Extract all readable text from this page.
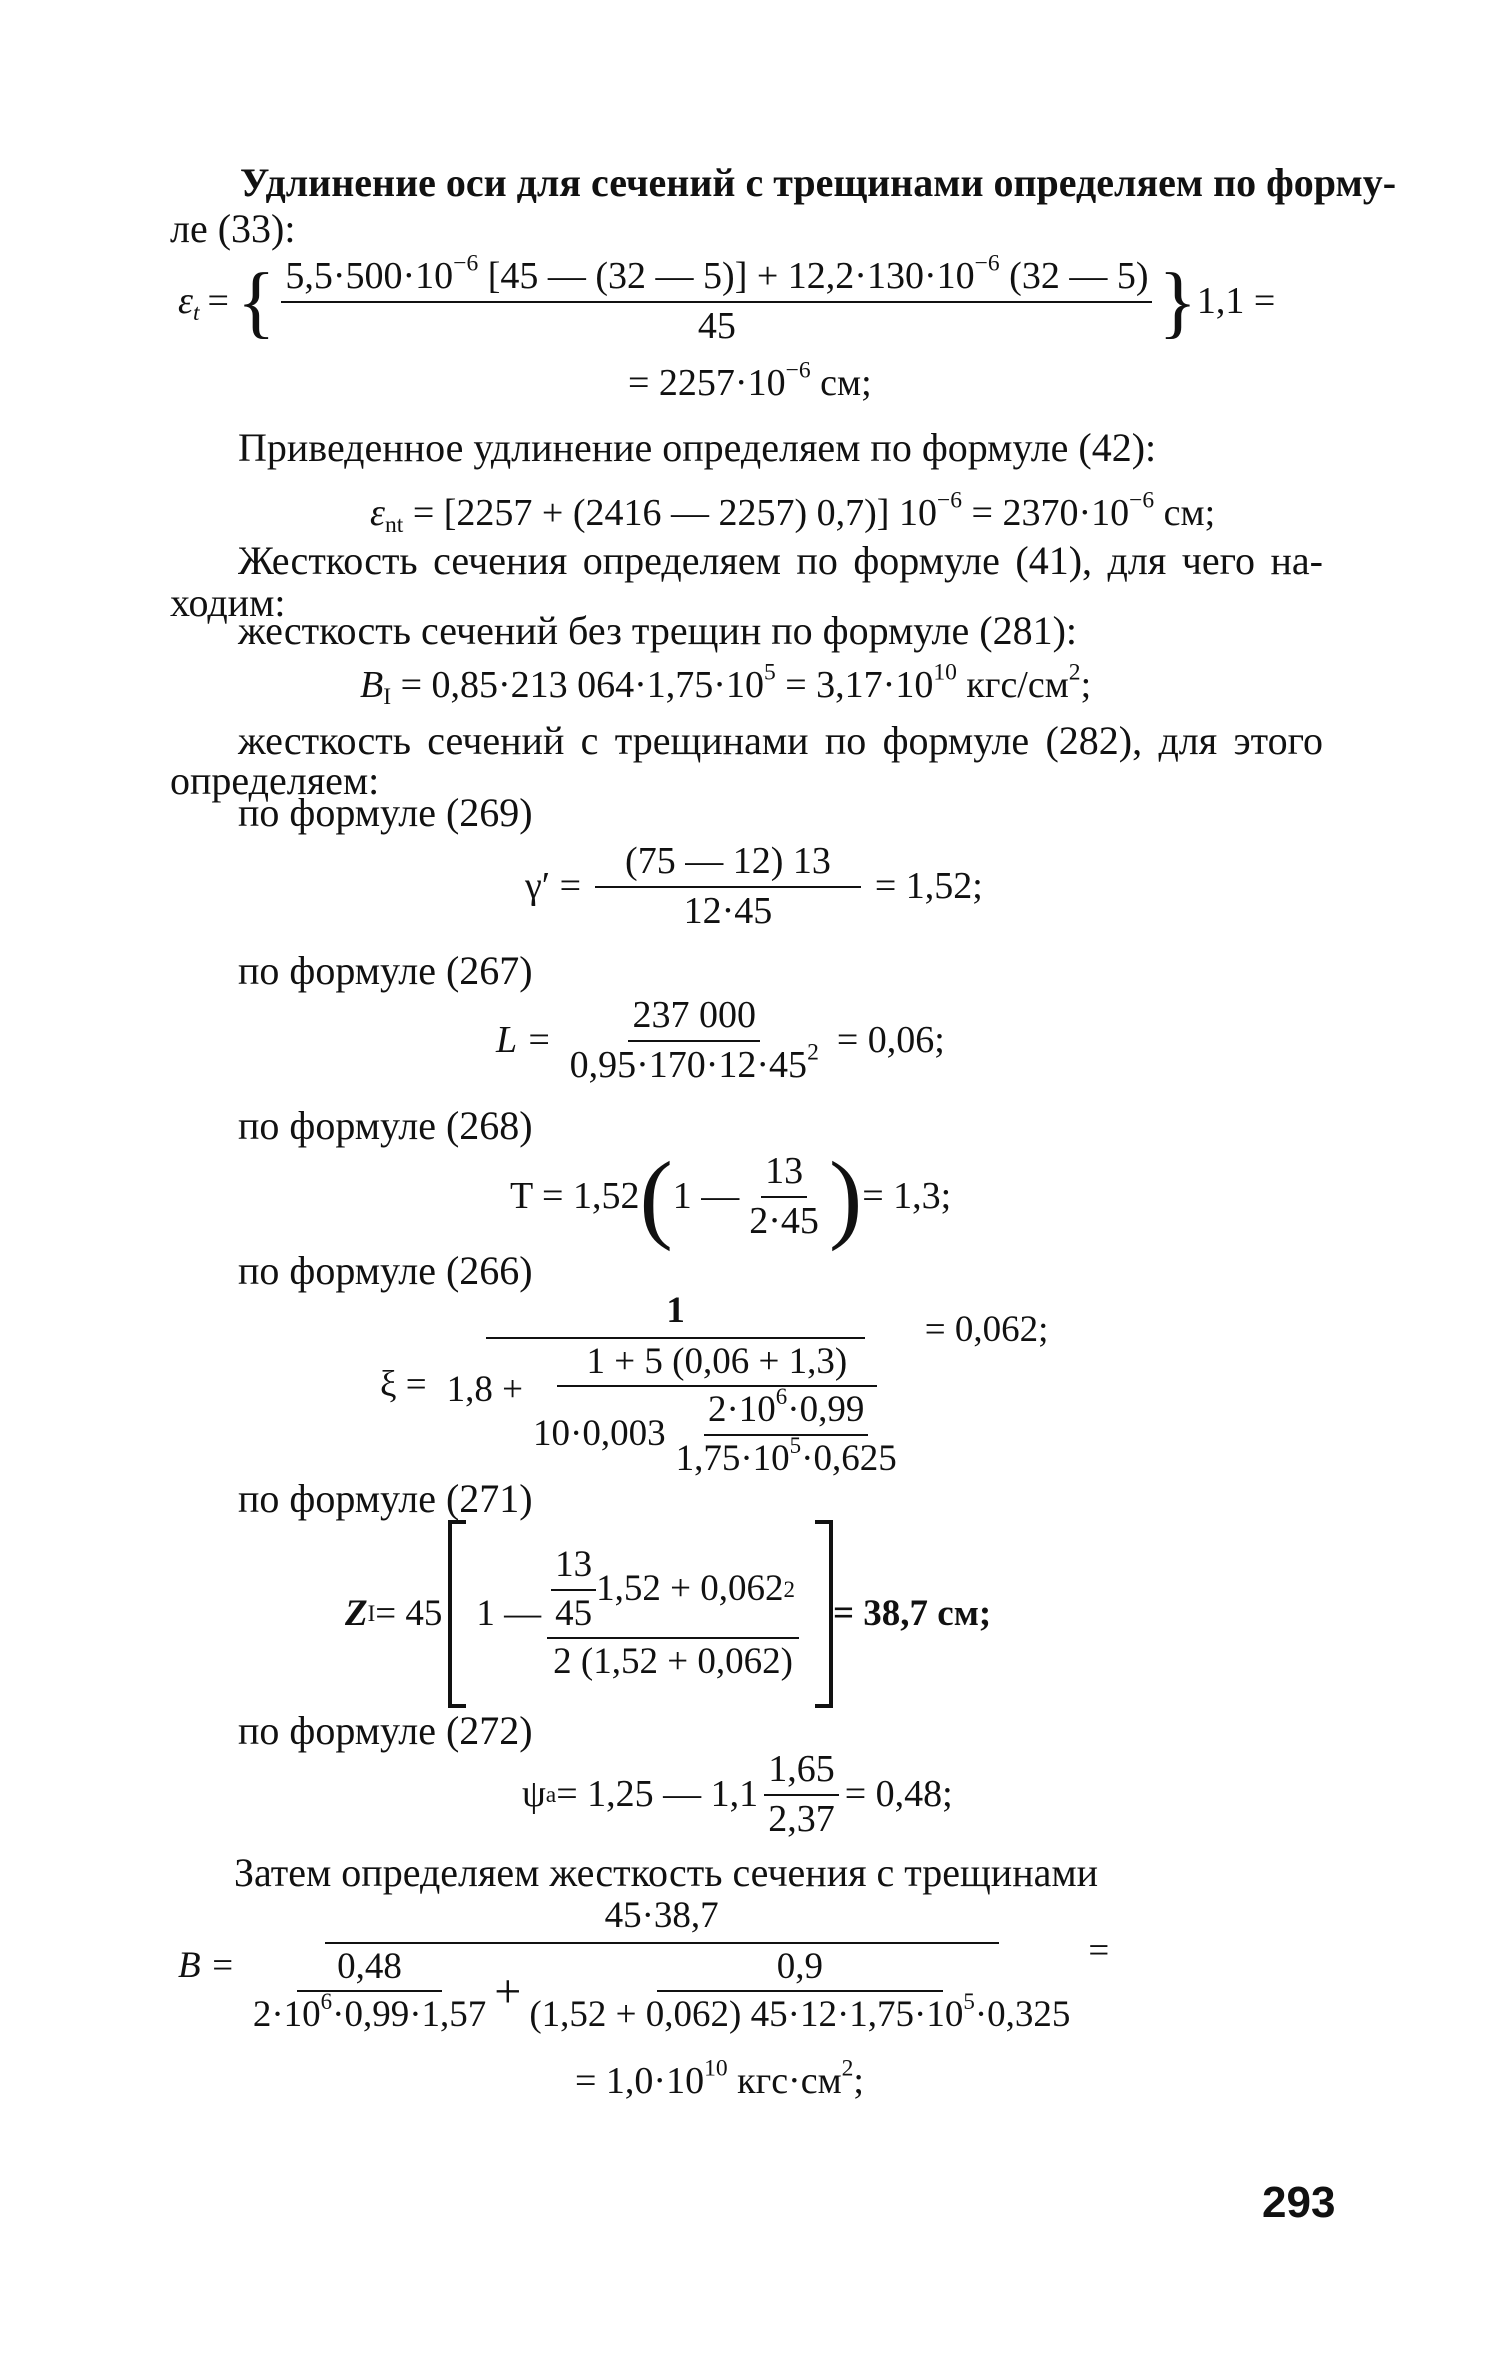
Удлинение оси для сечений с трещинами определяем по форму-
ле (33):
$\varepsilon_t$ = { $\frac{5,5\cdot 500\cdot 10^{-6} [45 — (32 — 5)] + 12,2\cdot 130\cdot 10^{-6} (32 — 5)}{45}$ } 1,1 =
= $2257\cdot 10^{-6}$ см;
Приведенное удлинение определяем по формуле (42):
$\varepsilon_{nt} = [2257 + (2416$ — 2257) 0,7)] $10^{-6} = 2370\cdot 10^{-6}$ см;
Жесткость сечения определяем по формуле (41), для чего на-
ходим:
жесткость сечений без трещин по формуле (281):
$B_I = 0,85\cdot 213$ $064\cdot 1,75\cdot 10^5 = 3,17\cdot 10^{10}$ кгс/$см^2$;
жесткость сечений с трещинами по формуле (282), для этого
определяем:
по формуле (269)
$\gamma' = \frac{(75 — 12) 13}{12\cdot 45} = 1,52$;
по формуле (267)
$L = \frac{237 000}{0,95\cdot 170\cdot 12\cdot 45^2} = 0,06$;
по формуле (268)
T = 1,52 ( 1 — $\frac{13}{2\cdot 45}$ ) = 1,3;
по формуле (266)
ξ =
1
1,8 +
1 + 5 (0,06 + 1,3)
$10\cdot 0,003 \frac{2\cdot 10^6\cdot 0,99}{1,75\cdot 10^5\cdot 0,625}$
= 0,062;
по формуле (271)
Z I = 45 1 — $\frac{\frac{13}{45} 1,52 + 0,062 2}{2 (1,52 + 0,062)} = 38,7$ см;
по формуле (272)
ψ a = 1,25 — $1,1 \frac{1,65}{2,37} = 0,48$;
Затем определяем жесткость сечения с трещинами
B =
45·38,7
$\frac{0,48}{2\cdot 10^6\cdot 0,99\cdot 1,57} + \frac{0,9}{(1,52 + 0,062) 45\cdot 12\cdot 1,75\cdot 10^5\cdot 0,325}$ =
= $1,0\cdot 10^{10}$ $кгс\cdot см^2$;
293
